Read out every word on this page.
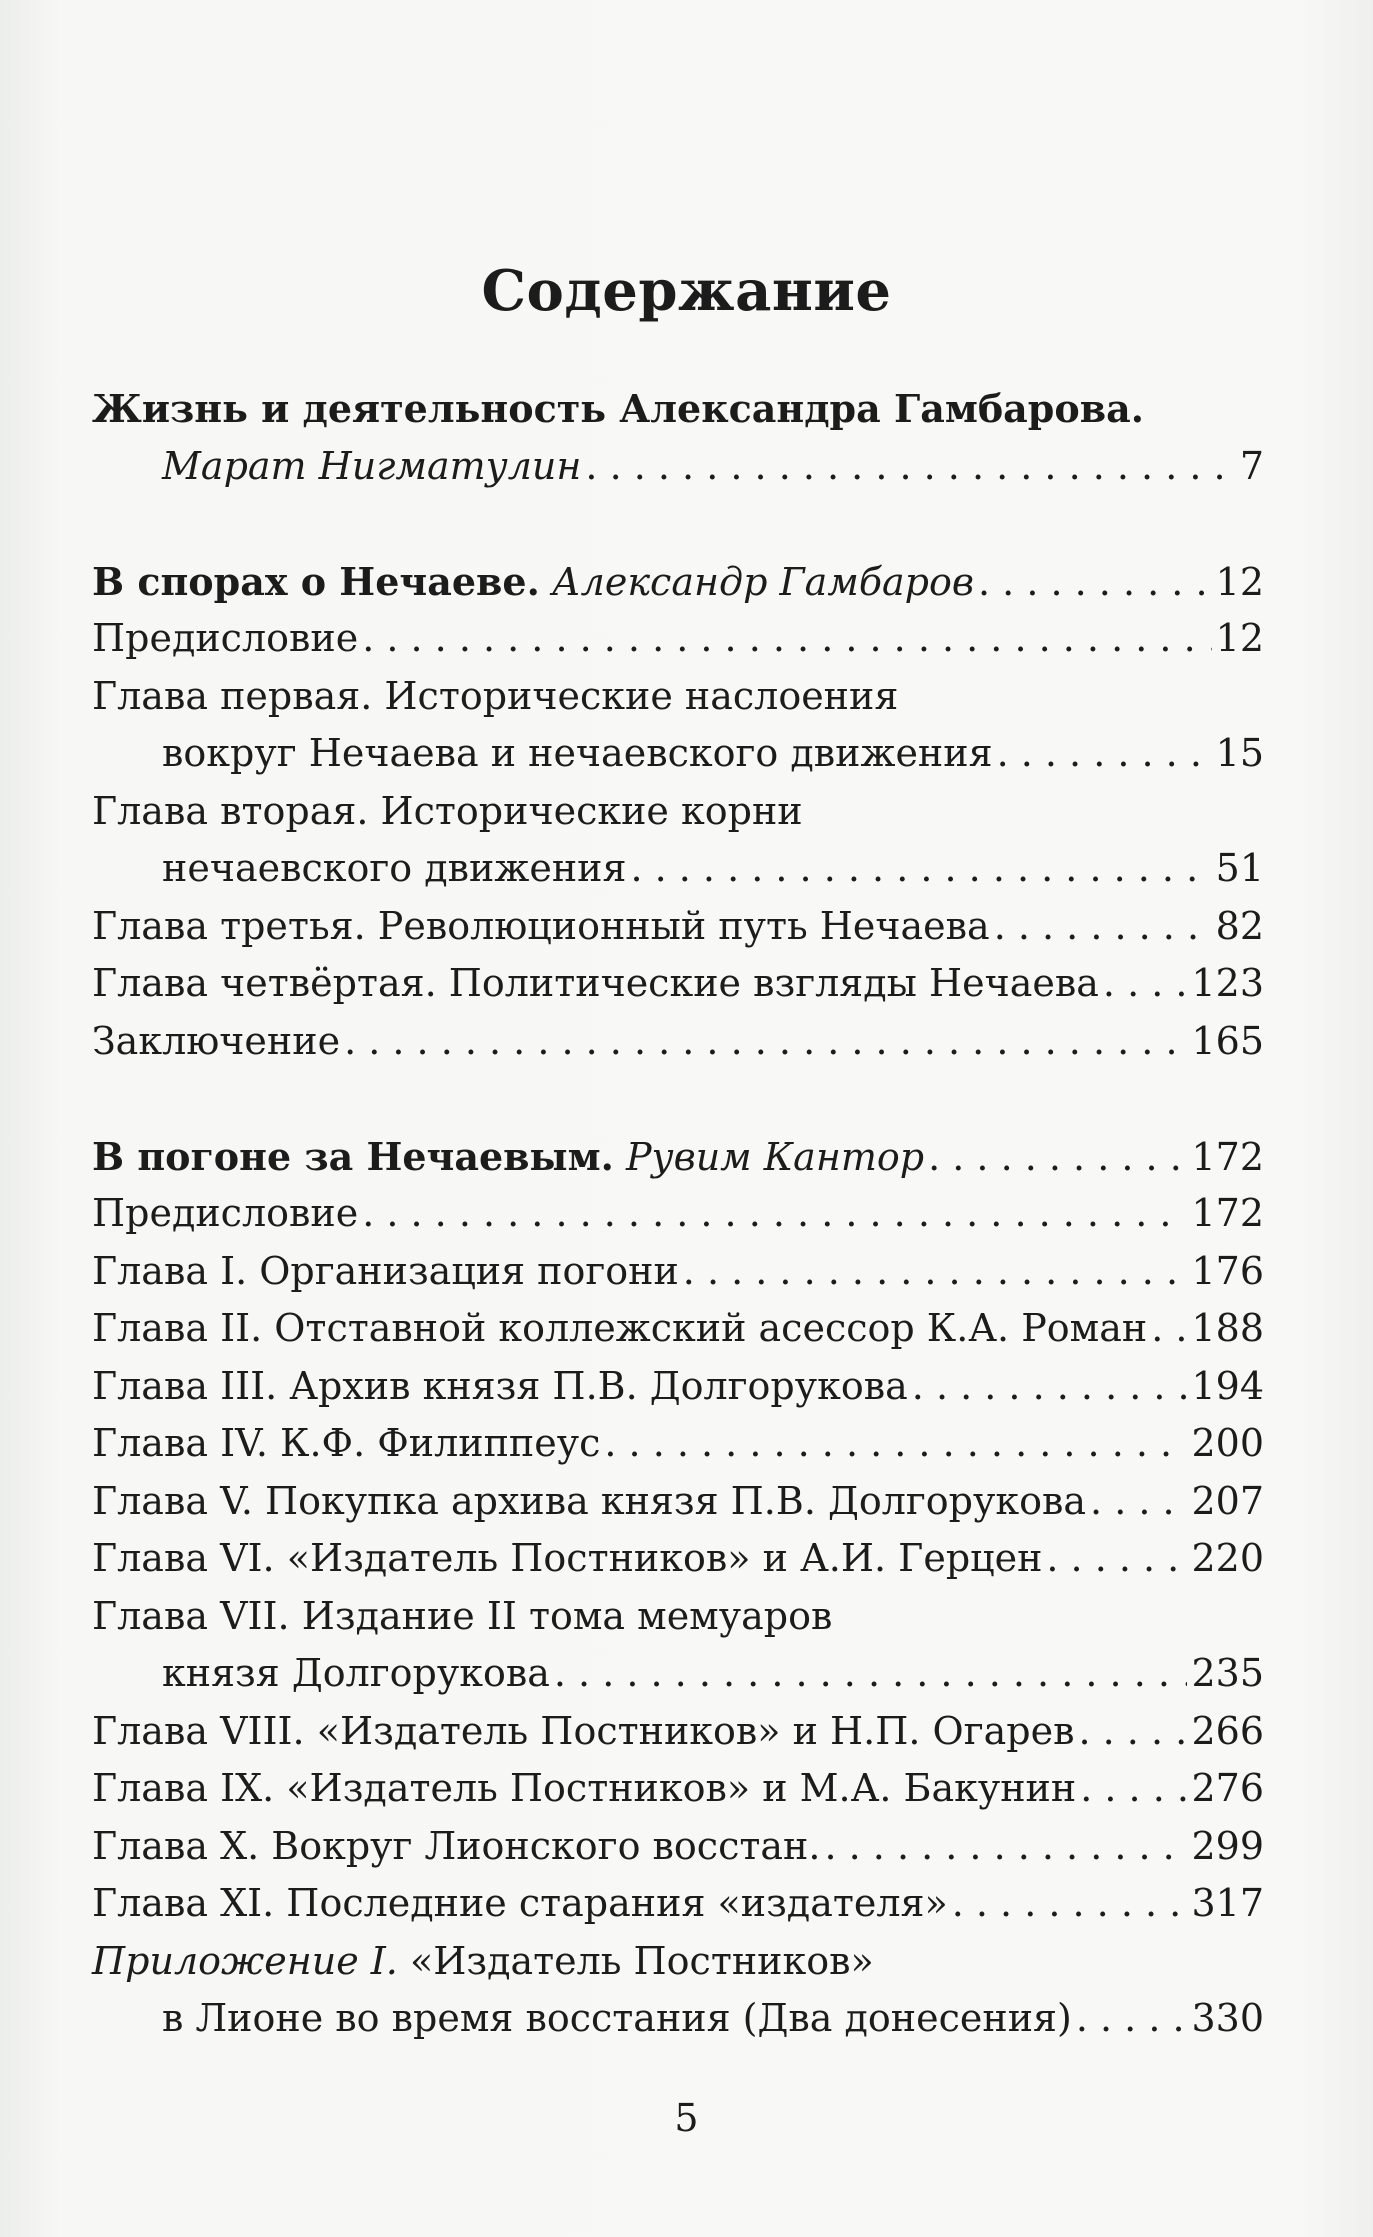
Содержание
Жизнь и деятельность Александра Гамбарова.
Марат Нигматулин . . .	7
В спорах о Нечаеве. Александр Гамбаров . . .	12
Предисловие . . .	12
Глава первая. Исторические наслоения
вокруг Нечаева и нечаевского движения . . .	15
Глава вторая. Исторические корни
нечаевского движения . . .	51
Глава третья. Революционный путь Нечаева . . .	82
Глава четвёртая. Политические взгляды Нечаева . . . 123
Заключение . . .	165
В погоне за Нечаевым. Рувим Кантор . . .	172
Предисловие . . .	172
Глава I. Организация погони . . .	176
Глава II. Отставной коллежский асессор К.А. Роман . . . 188
Глава III. Архив князя П.В. Долгорукова . . .	194
Глава IV. К.Ф. Филиппеус . . .	200
Глава V. Покупка архива князя П.В. Долгорукова . . .	207
Глава VI. «Издатель Постников» и А.И. Герцен . . .	220
Глава VII. Издание II тома мемуаров
князя Долгорукова . . .	235
Глава VIII. «Издатель Постников» и Н.П. Огарев . . .	266
Глава IX. «Издатель Постников» и М.А. Бакунин . . .	276
Глава X. Вокруг Лионского восстан. . . .	299
Глава XI. Последние старания «издателя» . . .	317
Приложение I. «Издатель Постников»
в Лионе во время восстания (Два донесения) . . .	330
5
